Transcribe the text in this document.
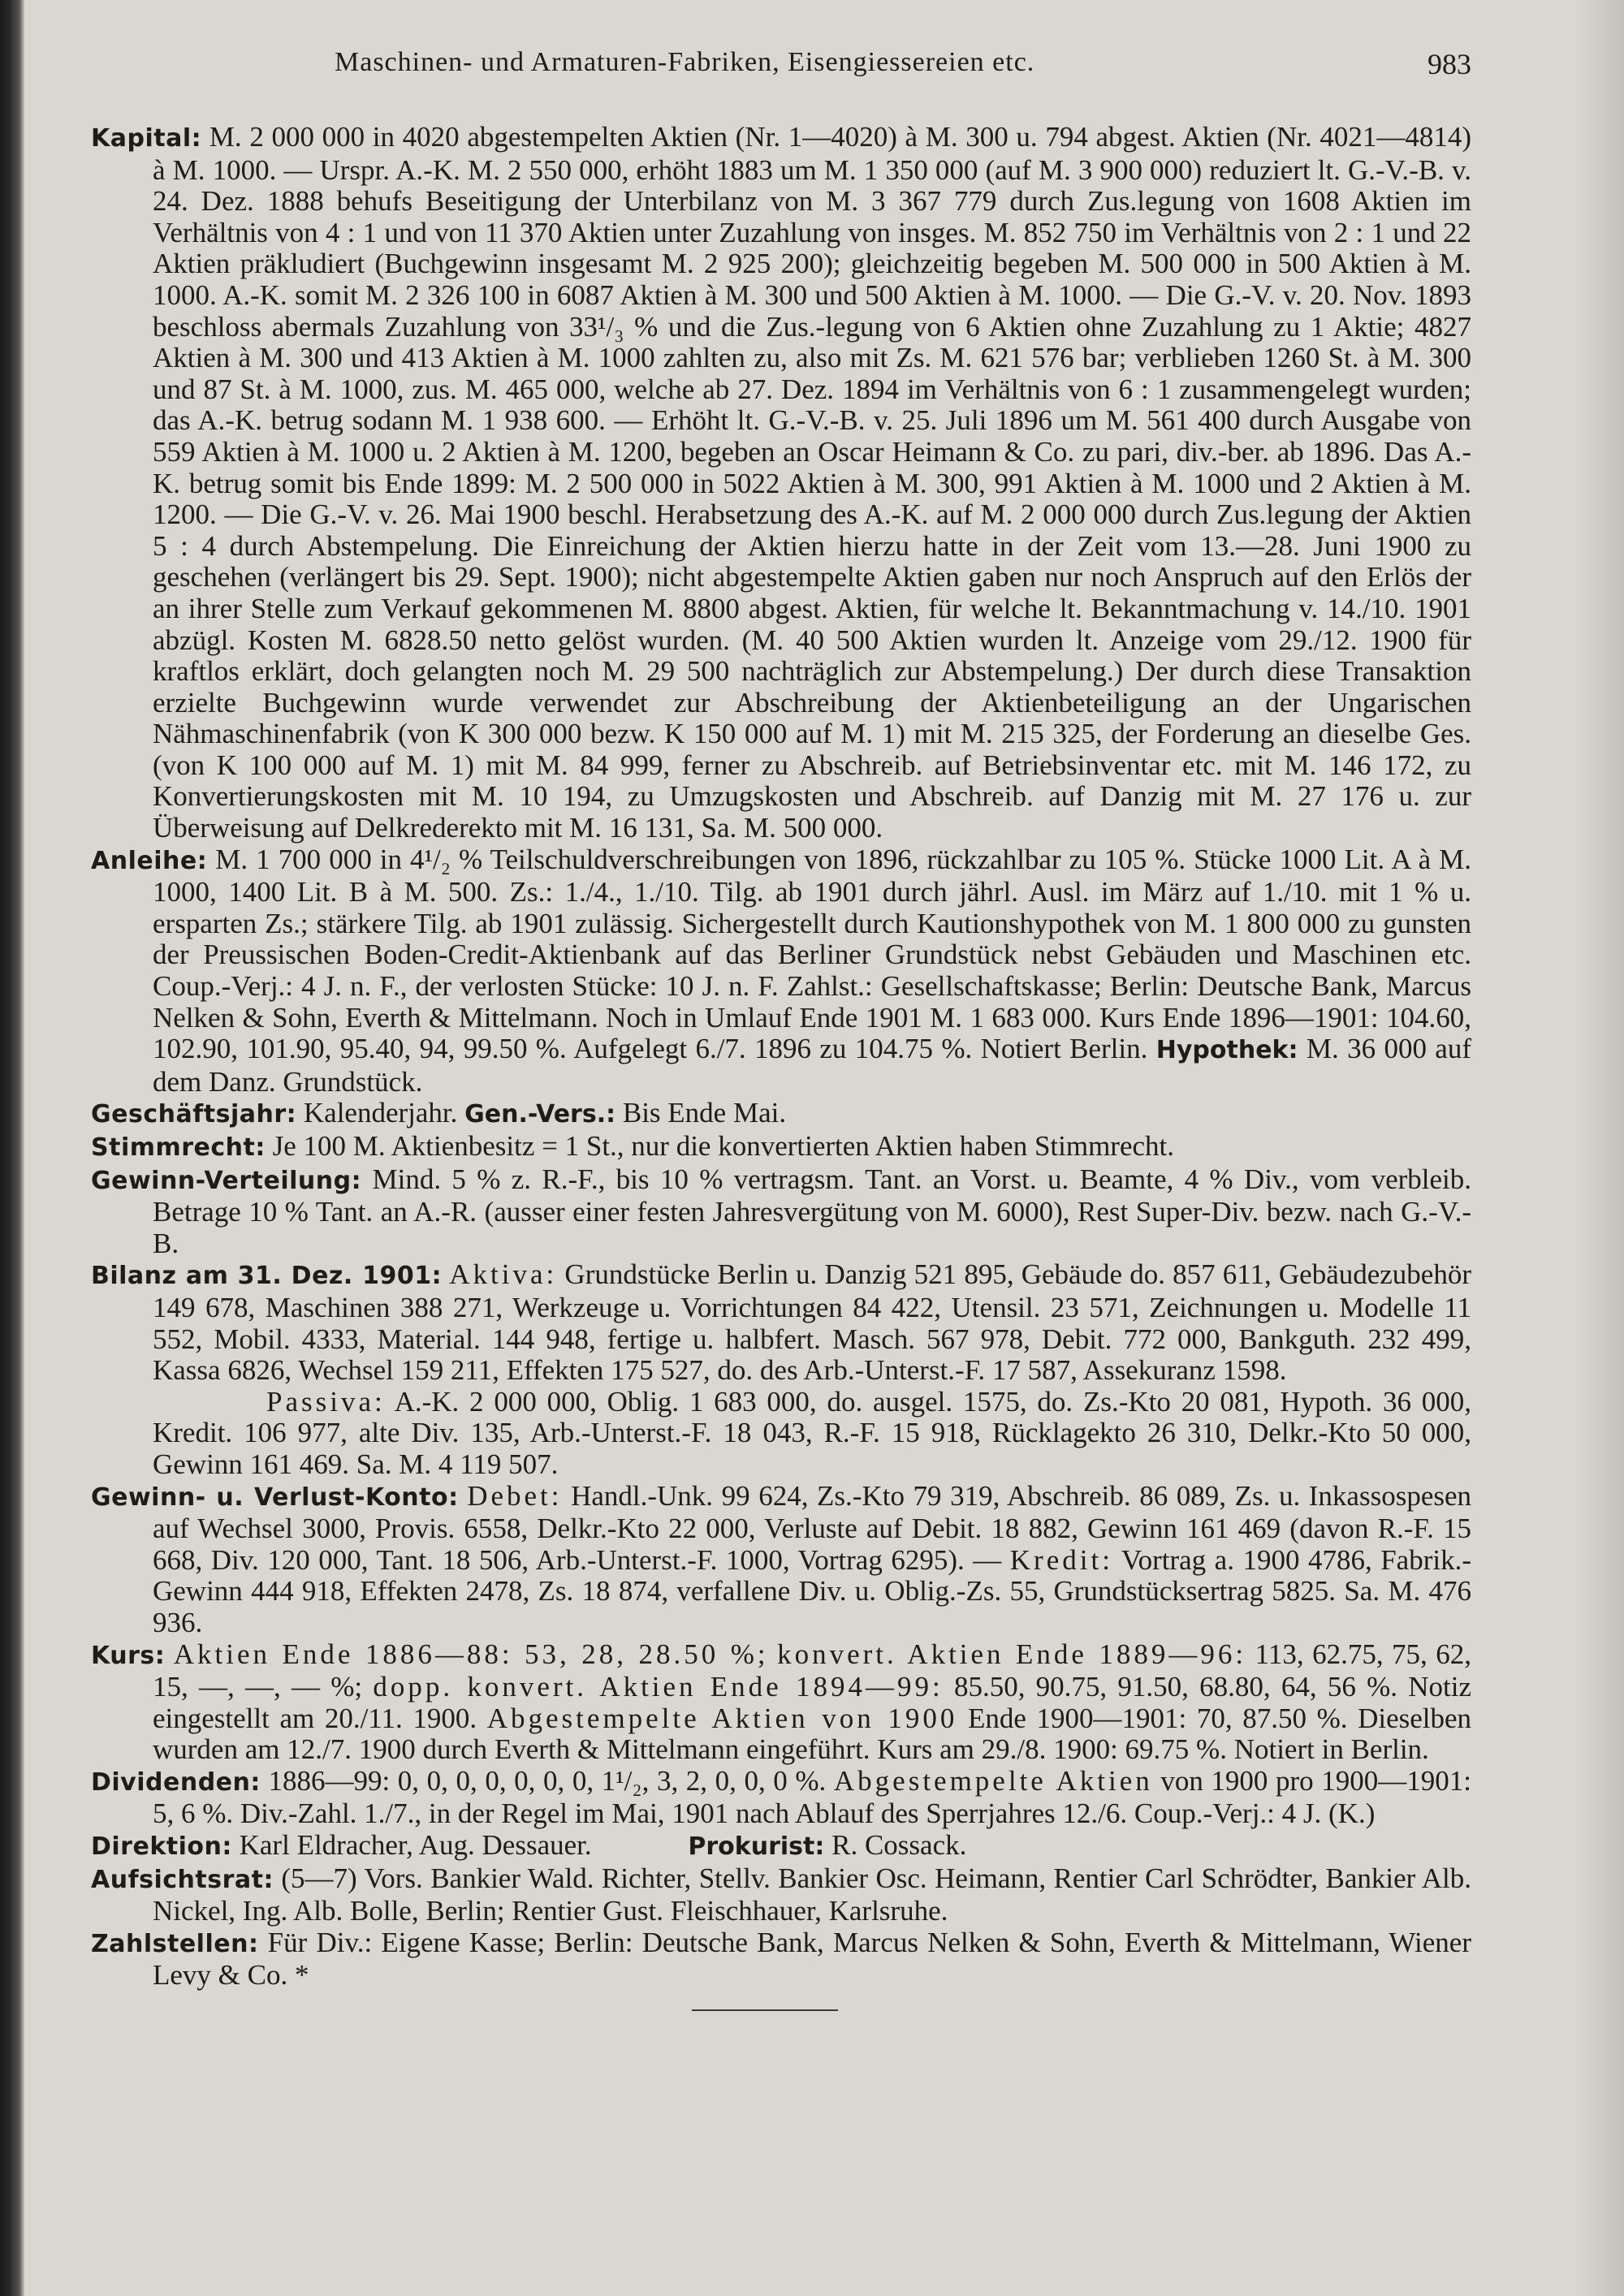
Maschinen- und Armaturen-Fabriken, Eisengiessereien etc.	983

Kapital: M. 2 000 000 in 4020 abgestempelten Aktien (Nr. 1—4020) à M. 300 u. 794 abgest. Aktien (Nr. 4021—4814) à M. 1000. — Urspr. A.-K. M. 2 550 000, erhöht 1883 um M. 1 350 000 (auf M. 3 900 000) reduziert lt. G.-V.-B. v. 24. Dez. 1888 behufs Beseitigung der Unterbilanz von M. 3 367 779 durch Zus.legung von 1608 Aktien im Verhältnis von 4 : 1 und von 11 370 Aktien unter Zuzahlung von insges. M. 852 750 im Verhältnis von 2 : 1 und 22 Aktien präkludiert (Buchgewinn insgesamt M. 2 925 200); gleichzeitig begeben M. 500 000 in 500 Aktien à M. 1000. A.-K. somit M. 2 326 100 in 6087 Aktien à M. 300 und 500 Aktien à M. 1000. — Die G.-V. v. 20. Nov. 1893 beschloss abermals Zuzahlung von 33¹/₃ % und die Zus.-legung von 6 Aktien ohne Zuzahlung zu 1 Aktie; 4827 Aktien à M. 300 und 413 Aktien à M. 1000 zahlten zu, also mit Zs. M. 621 576 bar; verblieben 1260 St. à M. 300 und 87 St. à M. 1000, zus. M. 465 000, welche ab 27. Dez. 1894 im Verhältnis von 6 : 1 zusammengelegt wurden; das A.-K. betrug sodann M. 1 938 600. — Erhöht lt. G.-V.-B. v. 25. Juli 1896 um M. 561 400 durch Ausgabe von 559 Aktien à M. 1000 u. 2 Aktien à M. 1200, begeben an Oscar Heimann & Co. zu pari, div.-ber. ab 1896. Das A.-K. betrug somit bis Ende 1899: M. 2 500 000 in 5022 Aktien à M. 300, 991 Aktien à M. 1000 und 2 Aktien à M. 1200. — Die G.-V. v. 26. Mai 1900 beschl. Herabsetzung des A.-K. auf M. 2 000 000 durch Zus.legung der Aktien 5 : 4 durch Abstempelung. Die Einreichung der Aktien hierzu hatte in der Zeit vom 13.—28. Juni 1900 zu geschehen (verlängert bis 29. Sept. 1900); nicht abgestempelte Aktien gaben nur noch Anspruch auf den Erlös der an ihrer Stelle zum Verkauf gekommenen M. 8800 abgest. Aktien, für welche lt. Bekanntmachung v. 14./10. 1901 abzügl. Kosten M. 6828.50 netto gelöst wurden. (M. 40 500 Aktien wurden lt. Anzeige vom 29./12. 1900 für kraftlos erklärt, doch gelangten noch M. 29 500 nachträglich zur Abstempelung.) Der durch diese Transaktion erzielte Buchgewinn wurde verwendet zur Abschreibung der Aktienbeteiligung an der Ungarischen Nähmaschinenfabrik (von K 300 000 bezw. K 150 000 auf M. 1) mit M. 215 325, der Forderung an dieselbe Ges. (von K 100 000 auf M. 1) mit M. 84 999, ferner zu Abschreib. auf Betriebsinventar etc. mit M. 146 172, zu Konvertierungskosten mit M. 10 194, zu Umzugskosten und Abschreib. auf Danzig mit M. 27 176 u. zur Überweisung auf Delkrederekto mit M. 16 131, Sa. M. 500 000.

Anleihe: M. 1 700 000 in 4¹/₂ % Teilschuldverschreibungen von 1896, rückzahlbar zu 105 %. Stücke 1000 Lit. A à M. 1000, 1400 Lit. B à M. 500. Zs.: 1./4., 1./10. Tilg. ab 1901 durch jährl. Ausl. im März auf 1./10. mit 1 % u. ersparten Zs.; stärkere Tilg. ab 1901 zulässig. Sichergestellt durch Kautionshypothek von M. 1 800 000 zu gunsten der Preussischen Boden-Credit-Aktienbank auf das Berliner Grundstück nebst Gebäuden und Maschinen etc. Coup.-Verj.: 4 J. n. F., der verlosten Stücke: 10 J. n. F. Zahlst.: Gesellschaftskasse; Berlin: Deutsche Bank, Marcus Nelken & Sohn, Everth & Mittelmann. Noch in Umlauf Ende 1901 M. 1 683 000. Kurs Ende 1896—1901: 104.60, 102.90, 101.90, 95.40, 94, 99.50 %. Aufgelegt 6./7. 1896 zu 104.75 %. Notiert Berlin. Hypothek: M. 36 000 auf dem Danz. Grundstück.

Geschäftsjahr: Kalenderjahr. Gen.-Vers.: Bis Ende Mai.

Stimmrecht: Je 100 M. Aktienbesitz = 1 St., nur die konvertierten Aktien haben Stimmrecht.

Gewinn-Verteilung: Mind. 5 % z. R.-F., bis 10 % vertragsm. Tant. an Vorst. u. Beamte, 4 % Div., vom verbleib. Betrage 10 % Tant. an A.-R. (ausser einer festen Jahresvergütung von M. 6000), Rest Super-Div. bezw. nach G.-V.-B.

Bilanz am 31. Dez. 1901: Aktiva: Grundstücke Berlin u. Danzig 521 895, Gebäude do. 857 611, Gebäudezubehör 149 678, Maschinen 388 271, Werkzeuge u. Vorrichtungen 84 422, Utensil. 23 571, Zeichnungen u. Modelle 11 552, Mobil. 4333, Material. 144 948, fertige u. halbfert. Masch. 567 978, Debit. 772 000, Bankguth. 232 499, Kassa 6826, Wechsel 159 211, Effekten 175 527, do. des Arb.-Unterst.-F. 17 587, Assekuranz 1598.

Passiva: A.-K. 2 000 000, Oblig. 1 683 000, do. ausgel. 1575, do. Zs.-Kto 20 081, Hypoth. 36 000, Kredit. 106 977, alte Div. 135, Arb.-Unterst.-F. 18 043, R.-F. 15 918, Rücklagekto 26 310, Delkr.-Kto 50 000, Gewinn 161 469. Sa. M. 4 119 507.

Gewinn- u. Verlust-Konto: Debet: Handl.-Unk. 99 624, Zs.-Kto 79 319, Abschreib. 86 089, Zs. u. Inkassospesen auf Wechsel 3000, Provis. 6558, Delkr.-Kto 22 000, Verluste auf Debit. 18 882, Gewinn 161 469 (davon R.-F. 15 668, Div. 120 000, Tant. 18 506, Arb.-Unterst.-F. 1000, Vortrag 6295). — Kredit: Vortrag a. 1900 4786, Fabrik.-Gewinn 444 918, Effekten 2478, Zs. 18 874, verfallene Div. u. Oblig.-Zs. 55, Grundstücksertrag 5825. Sa. M. 476 936.

Kurs: Aktien Ende 1886—88: 53, 28, 28.50 %; konvert. Aktien Ende 1889—96: 113, 62.75, 75, 62, 15, —, —, — %; dopp. konvert. Aktien Ende 1894—99: 85.50, 90.75, 91.50, 68.80, 64, 56 %. Notiz eingestellt am 20./11. 1900. Abgestempelte Aktien von 1900 Ende 1900—1901: 70, 87.50 %. Dieselben wurden am 12./7. 1900 durch Everth & Mittelmann eingeführt. Kurs am 29./8. 1900: 69.75 %. Notiert in Berlin.

Dividenden: 1886—99: 0, 0, 0, 0, 0, 0, 0, 1¹/₂, 3, 2, 0, 0, 0 %. Abgestempelte Aktien von 1900 pro 1900—1901: 5, 6 %. Div.-Zahl. 1./7., in der Regel im Mai, 1901 nach Ablauf des Sperrjahres 12./6. Coup.-Verj.: 4 J. (K.)

Direktion: Karl Eldracher, Aug. Dessauer.	Prokurist: R. Cossack.

Aufsichtsrat: (5—7) Vors. Bankier Wald. Richter, Stellv. Bankier Osc. Heimann, Rentier Carl Schrödter, Bankier Alb. Nickel, Ing. Alb. Bolle, Berlin; Rentier Gust. Fleischhauer, Karlsruhe.

Zahlstellen: Für Div.: Eigene Kasse; Berlin: Deutsche Bank, Marcus Nelken & Sohn, Everth & Mittelmann, Wiener Levy & Co. *
